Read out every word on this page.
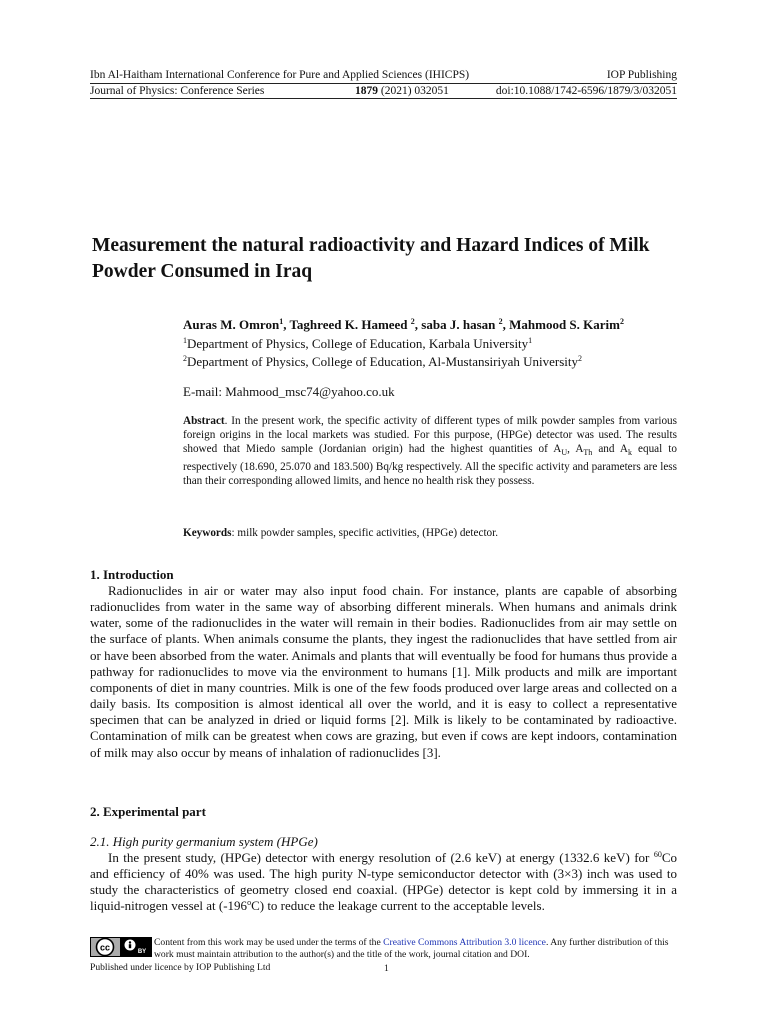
Ibn Al-Haitham International Conference for Pure and Applied Sciences (IHICPS)	IOP Publishing
Journal of Physics: Conference Series	1879 (2021) 032051	doi:10.1088/1742-6596/1879/3/032051
Measurement the natural radioactivity and Hazard Indices of Milk Powder Consumed in Iraq
Auras M. Omron$^1$, Taghreed K. Hameed $^2$, saba J. hasan $^2$, Mahmood S. Karim$^2$
$^1$Department of Physics, College of Education, Karbala University$^1$
$^2$Department of Physics, College of Education, Al-Mustansiriyah University$^2$
E-mail: Mahmood_msc74@yahoo.co.uk
Abstract. In the present work, the specific activity of different types of milk powder samples from various foreign origins in the local markets was studied. For this purpose, (HPGe) detector was used. The results showed that Miedo sample (Jordanian origin) had the highest quantities of $A_U$, $A_{Th}$ and $A_k$ equal to respectively (18.690, 25.070 and 183.500) Bq/kg respectively. All the specific activity and parameters are less than their corresponding allowed limits, and hence no health risk they possess.
Keywords: milk powder samples, specific activities, (HPGe) detector.
1. Introduction

Radionuclides in air or water may also input food chain. For instance, plants are capable of absorbing radionuclides from water in the same way of absorbing different minerals. When humans and animals drink water, some of the radionuclides in the water will remain in their bodies. Radionuclides from air may settle on the surface of plants. When animals consume the plants, they ingest the radionuclides that have settled from air or have been absorbed from the water. Animals and plants that will eventually be food for humans thus provide a pathway for radionuclides to move via the environment to humans [1]. Milk products and milk are important components of diet in many countries. Milk is one of the few foods produced over large areas and collected on a daily basis. Its composition is almost identical all over the world, and it is easy to collect a representative specimen that can be analyzed in dried or liquid forms [2]. Milk is likely to be contaminated by radioactive. Contamination of milk can be greatest when cows are grazing, but even if cows are kept indoors, contamination of milk may also occur by means of inhalation of radionuclides [3].

2. Experimental part
2.1. High purity germanium system (HPGe)

In the present study, (HPGe) detector with energy resolution of (2.6 keV) at energy (1332.6 keV) for $^{60}$Co and efficiency of 40% was used. The high purity N-type semiconductor detector with (3×3) inch was used to study the characteristics of geometry closed end coaxial. (HPGe) detector is kept cold by immersing it in a liquid-nitrogen vessel at (-196$^o$C) to reduce the leakage current to the acceptable levels.

cc	BY
Content from this work may be used under the terms of the Creative Commons Attribution 3.0 licence. Any further distribution of this work must maintain attribution to the author(s) and the title of the work, journal citation and DOI.
Published under licence by IOP Publishing Ltd	1
